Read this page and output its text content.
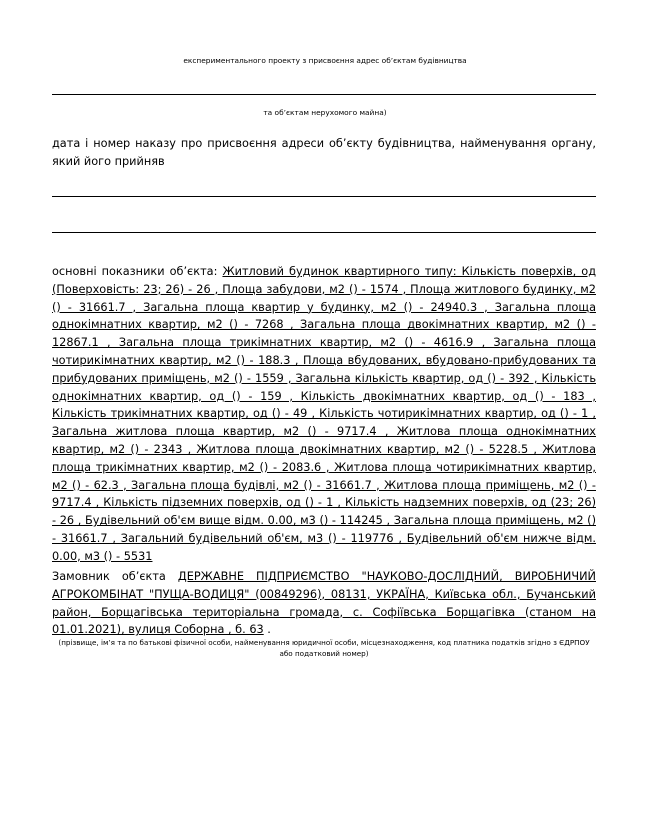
експериментального проекту з присвоєння адрес об’єктам будівництва
та об’єктам нерухомого майна)

дата і номер наказу про присвоєння адреси об’єкту будівництва, найменування органу, який його прийняв

основні показники об’єкта: Житловий будинок квартирного типу: Кількість поверхів, од (Поверховість: 23; 26) - 26 , Площа забудови, м2 () - 1574 , Площа житлового будинку, м2 () - 31661.7 , Загальна площа квартир у будинку, м2 () - 24940.3 , Загальна площа однокімнатних квартир, м2 () - 7268 , Загальна площа двокімнатних квартир, м2 () - 12867.1 , Загальна площа трикімнатних квартир, м2 () - 4616.9 , Загальна площа чотирикімнатних квартир, м2 () - 188.3 , Площа вбудованих, вбудовано-прибудованих та прибудованих приміщень, м2 () - 1559 , Загальна кількість квартир, од () - 392 , Кількість однокімнатних квартир, од () - 159 , Кількість двокімнатних квартир, од () - 183 , Кількість трикімнатних квартир, од () - 49 , Кількість чотирикімнатних квартир, од () - 1 , Загальна житлова площа квартир, м2 () - 9717.4 , Житлова площа однокімнатних квартир, м2 () - 2343 , Житлова площа двокімнатних квартир, м2 () - 5228.5 , Житлова площа трикімнатних квартир, м2 () - 2083.6 , Житлова площа чотирикімнатних квартир, м2 () - 62.3 , Загальна площа будівлі, м2 () - 31661.7 , Житлова площа приміщень, м2 () - 9717.4 , Кількість підземних поверхів, од () - 1 , Кількість надземних поверхів, од (23; 26) - 26 , Будівельний об'єм вище відм. 0.00, м3 () - 114245 , Загальна площа приміщень, м2 () - 31661.7 , Загальний будівельний об'єм, м3 () - 119776 , Будівельний об'єм нижче відм. 0.00, м3 () - 5531

Замовник об’єкта ДЕРЖАВНЕ ПІДПРИЄМСТВО "НАУКОВО-ДОСЛІДНИЙ, ВИРОБНИЧИЙ АГРОКОМБІНАТ "ПУЩА-ВОДИЦЯ" (00849296), 08131, УКРАЇНА, Київська обл., Бучанський район, Борщагівська територіальна громада, с. Софіївська Борщагівка (станом на 01.01.2021), вулиця Соборна , б. 63 .

(прізвище, ім’я та по батькові фізичної особи, найменування юридичної особи, місцезнаходження, код платника податків згідно з ЄДРПОУ або податковий номер)
